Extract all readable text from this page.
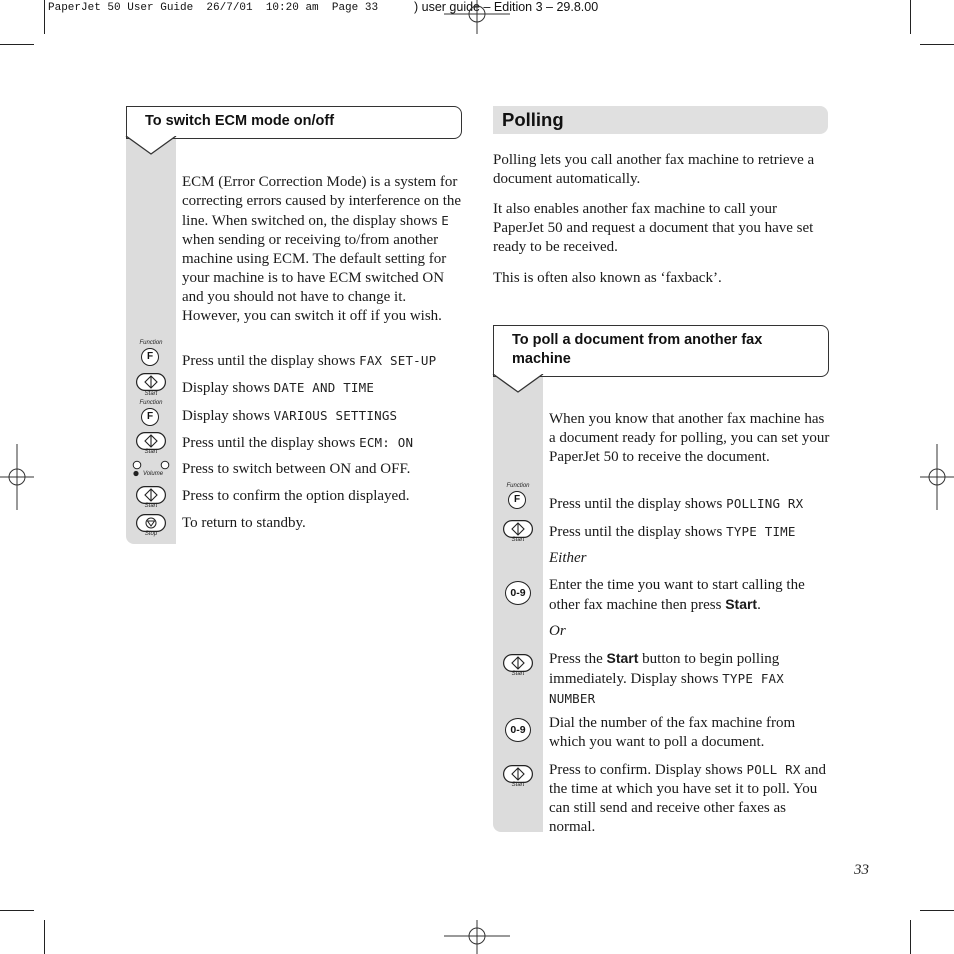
PaperJet 50 User Guide  26/7/01  10:20 am  Page 33	) user guide – Edition 3 – 29.8.00
To switch ECM mode on/off
ECM (Error Correction Mode) is a system for correcting errors caused by interference on the line. When switched on, the display shows E when sending or receiving to/from another machine using ECM. The default setting for your machine is to have ECM switched ON and you should not have to change it. However, you can switch it off if you wish.
Function
F
Start
Function
F
Start
Volume
Start
Stop
Press until the display shows FAX SET-UP
Display shows DATE AND TIME
Display shows VARIOUS SETTINGS
Press until the display shows ECM: ON
Press to switch between ON and OFF.
Press to confirm the option displayed.
To return to standby.
Polling
Polling lets you call another fax machine to retrieve a document automatically.
It also enables another fax machine to call your PaperJet 50 and request a document that you have set ready to be received.
This is often also known as ‘faxback’.
To poll a document from another fax
machine
When you know that another fax machine has a document ready for polling, you can set your PaperJet 50 to receive the document.
Function
F
Start
0-9
Start
0-9
Start
Press until the display shows POLLING RX
Press until the display shows TYPE TIME
Either
Enter the time you want to start calling the other fax machine then press Start.
Or
Press the Start button to begin polling immediately. Display shows TYPE FAX
NUMBER
Dial the number of the fax machine from which you want to poll a document.
Press to confirm. Display shows POLL RX and the time at which you have set it to poll. You can still send and receive other faxes as normal.
33
